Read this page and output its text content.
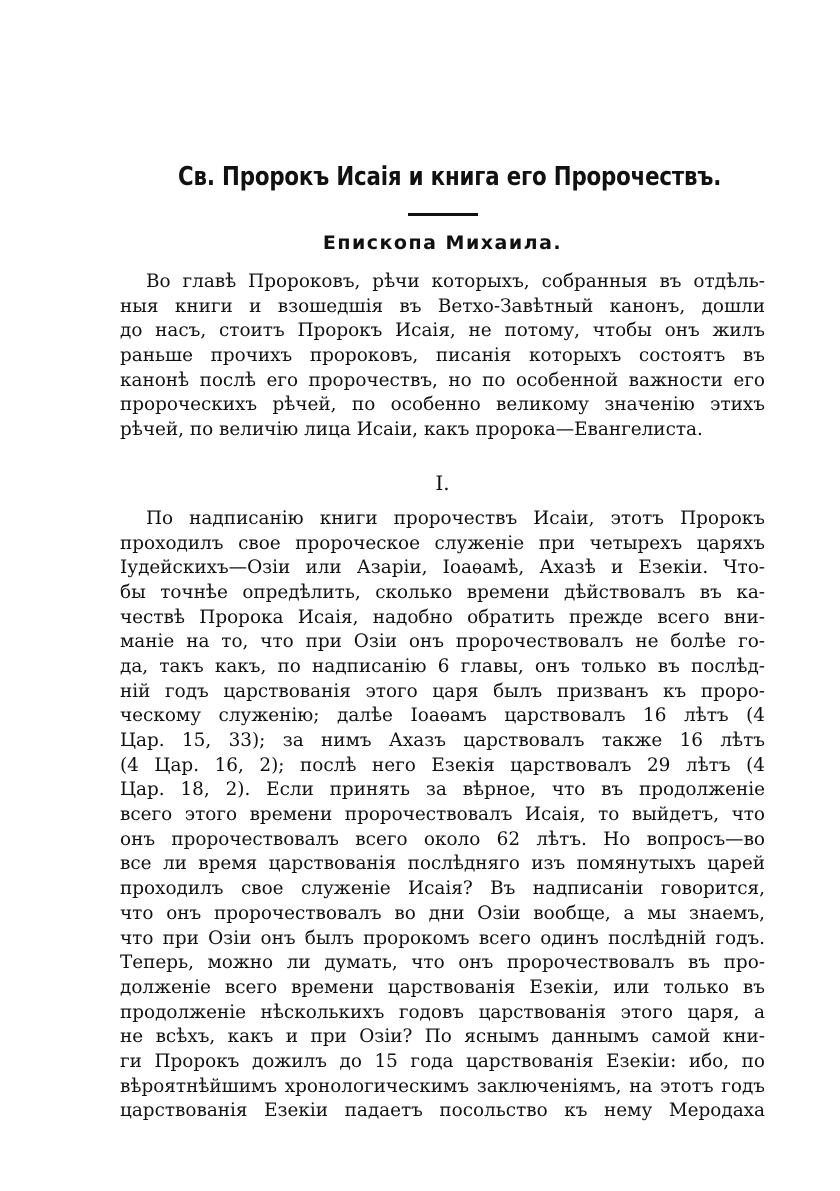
Св. Пророкъ Исаія и книга его Пророчествъ.
Епископа Михаила.
Во главѣ Пророковъ, рѣчи которыхъ, собранныя въ отдѣль-
ныя книги и взошедшія въ Ветхо-Завѣтный канонъ, дошли
до насъ, стоитъ Пророкъ Исаія, не потому, чтобы онъ жилъ
раньше прочихъ пророковъ, писанія которыхъ состоятъ въ
канонѣ послѣ его пророчествъ, но по особенной важности его
пророческихъ рѣчей, по особенно великому значенію этихъ
рѣчей, по величію лица Исаіи, какъ пророка—Евангелиста.
I.
По надписанію книги пророчествъ Исаіи, этотъ Пророкъ
проходилъ свое пророческое служеніе при четырехъ царяхъ
Іудейскихъ—Озіи или Азаріи, Іоаѳамѣ, Ахазѣ и Езекіи. Что-
бы точнѣе опредѣлить, сколько времени дѣйствовалъ въ ка-
чествѣ Пророка Исаія, надобно обратить прежде всего вни-
маніе на то, что при Озіи онъ пророчествовалъ не болѣе го-
да, такъ какъ, по надписанію 6 главы, онъ только въ послѣд-
ній годъ царствованія этого царя былъ призванъ къ проро-
ческому служенію; далѣе Іоаѳамъ царствовалъ 16 лѣтъ (4
Цар. 15, 33); за нимъ Ахазъ царствовалъ также 16 лѣтъ
(4 Цар. 16, 2); послѣ него Езекія царствовалъ 29 лѣтъ (4
Цар. 18, 2). Если принять за вѣрное, что въ продолженіе
всего этого времени пророчествовалъ Исаія, то выйдетъ, что
онъ пророчествовалъ всего около 62 лѣтъ. Но вопросъ—во
все ли время царствованія послѣдняго изъ помянутыхъ царей
проходилъ свое служеніе Исаія? Въ надписаніи говорится,
что онъ пророчествовалъ во дни Озіи вообще, а мы знаемъ,
что при Озіи онъ былъ пророкомъ всего одинъ послѣдній годъ.
Теперь, можно ли думать, что онъ пророчествовалъ въ про-
долженіе всего времени царствованія Езекіи, или только въ
продолженіе нѣсколькихъ годовъ царствованія этого царя, а
не всѣхъ, какъ и при Озіи? По яснымъ даннымъ самой кни-
ги Пророкъ дожилъ до 15 года царствованія Езекіи: ибо, по
вѣроятнѣйшимъ хронологическимъ заключеніямъ, на этотъ годъ
царствованія Езекіи падаетъ посольство къ нему Меродаха
